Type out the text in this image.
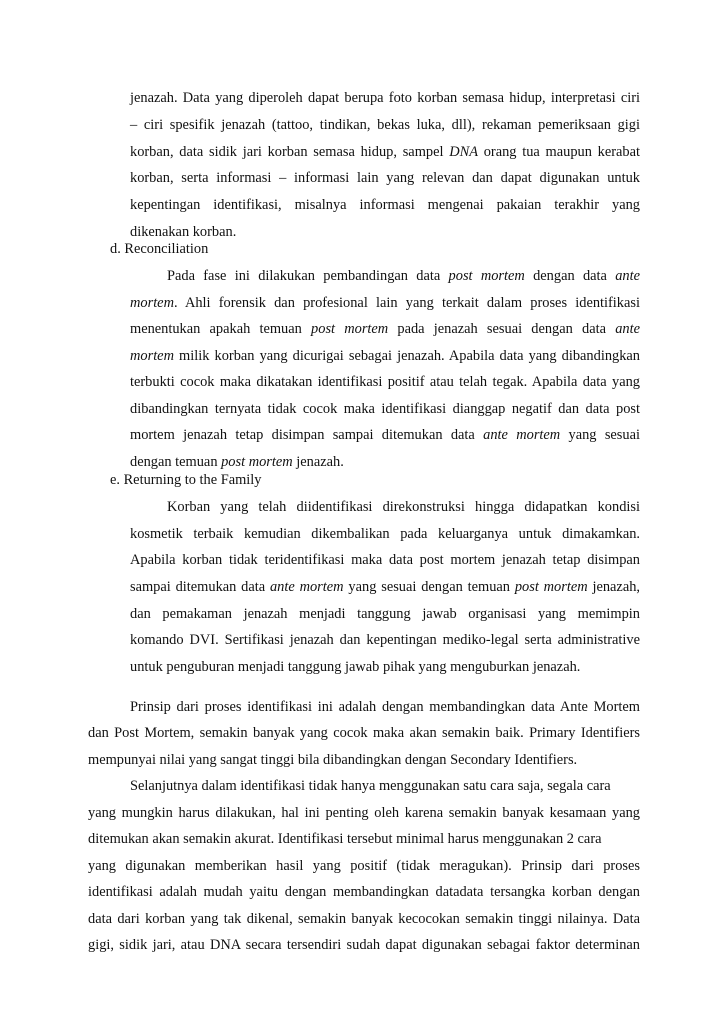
jenazah. Data yang diperoleh dapat berupa foto korban semasa hidup, interpretasi ciri

– ciri spesifik jenazah (tattoo, tindikan, bekas luka, dll), rekaman pemeriksaan gigi

korban, data sidik jari korban semasa hidup, sampel DNA orang tua maupun kerabat

korban, serta informasi – informasi lain yang relevan dan dapat digunakan untuk

kepentingan identifikasi, misalnya informasi mengenai pakaian terakhir yang

dikenakan korban.

d. Reconciliation

Pada fase ini dilakukan pembandingan data post mortem dengan data ante

mortem. Ahli forensik dan profesional lain yang terkait dalam proses identifikasi

menentukan apakah temuan post mortem pada jenazah sesuai dengan data ante

mortem milik korban yang dicurigai sebagai jenazah. Apabila data yang dibandingkan

terbukti cocok maka dikatakan identifikasi positif atau telah tegak. Apabila data yang

dibandingkan ternyata tidak cocok maka identifikasi dianggap negatif dan data post

mortem jenazah tetap disimpan sampai ditemukan data ante mortem yang sesuai

dengan temuan post mortem jenazah.

e. Returning to the Family

Korban yang telah diidentifikasi direkonstruksi hingga didapatkan kondisi

kosmetik terbaik kemudian dikembalikan pada keluarganya untuk dimakamkan.

Apabila korban tidak teridentifikasi maka data post mortem jenazah tetap disimpan

sampai ditemukan data ante mortem yang sesuai dengan temuan post mortem jenazah,

dan pemakaman jenazah menjadi tanggung jawab organisasi yang memimpin

komando DVI. Sertifikasi jenazah dan kepentingan mediko-legal serta administrative

untuk penguburan menjadi tanggung jawab pihak yang menguburkan jenazah.

Prinsip dari proses identifikasi ini adalah dengan membandingkan data Ante Mortem

dan Post Mortem, semakin banyak yang cocok maka akan semakin baik. Primary Identifiers

mempunyai nilai yang sangat tinggi bila dibandingkan dengan Secondary Identifiers.

Selanjutnya dalam identifikasi tidak hanya menggunakan satu cara saja, segala cara

yang mungkin harus dilakukan, hal ini penting oleh karena semakin banyak kesamaan yang

ditemukan akan semakin akurat. Identifikasi tersebut minimal harus menggunakan 2 cara

yang digunakan memberikan hasil yang positif (tidak meragukan). Prinsip dari proses

identifikasi adalah mudah yaitu dengan membandingkan datadata tersangka korban dengan

data dari korban yang tak dikenal, semakin banyak kecocokan semakin tinggi nilainya. Data

gigi, sidik jari, atau DNA secara tersendiri sudah dapat digunakan sebagai faktor determinan
